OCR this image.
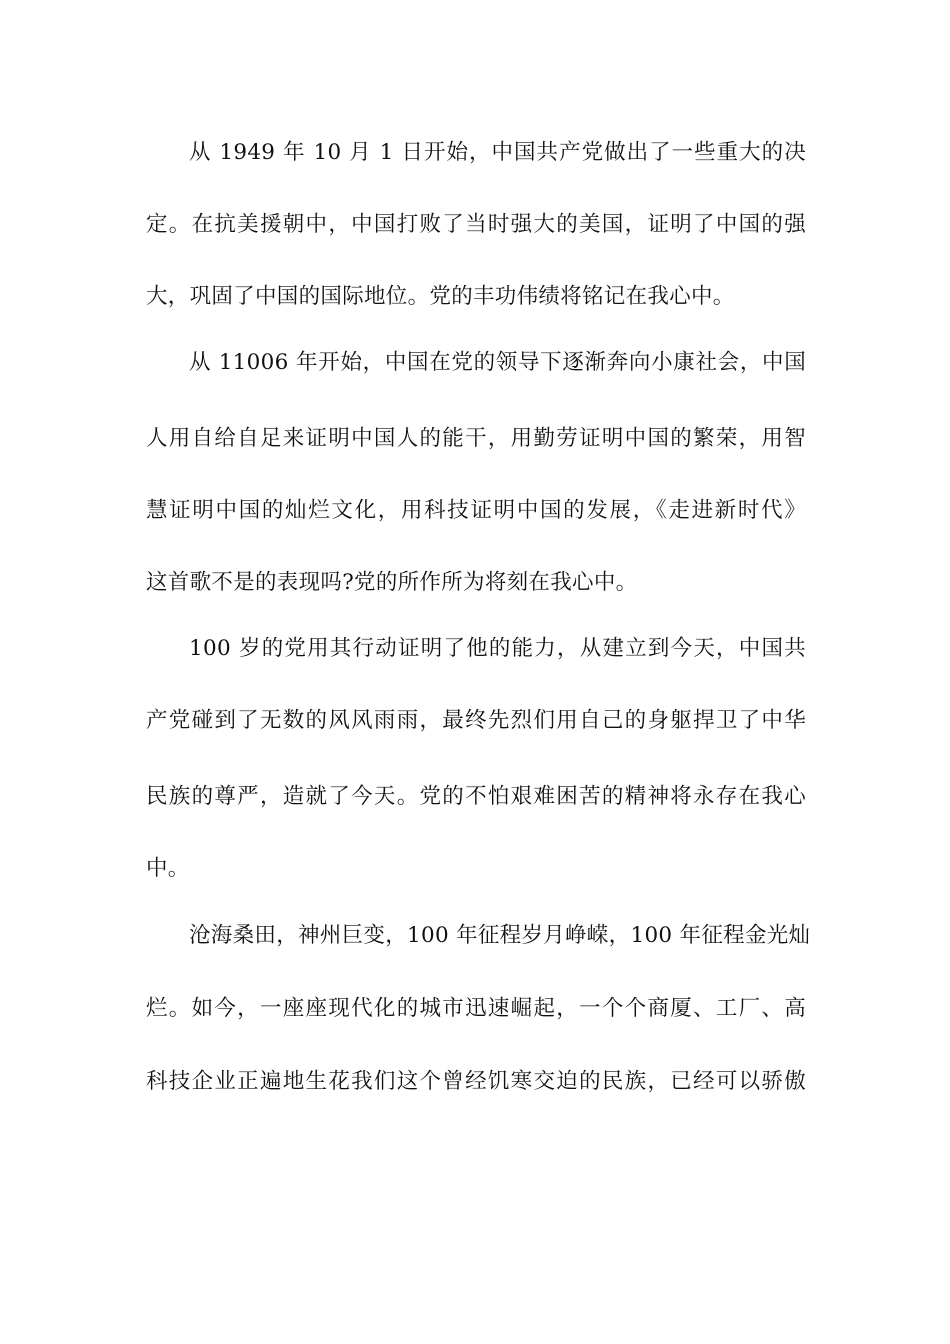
从 1949 年 10 月 1 日开始，中国共产党做出了一些重大的决
定。在抗美援朝中，中国打败了当时强大的美国，证明了中国的强
大，巩固了中国的国际地位。党的丰功伟绩将铭记在我心中。
从 11006 年开始，中国在党的领导下逐渐奔向小康社会，中国
人用自给自足来证明中国人的能干，用勤劳证明中国的繁荣，用智
慧证明中国的灿烂文化，用科技证明中国的发展，《走进新时代》
这首歌不是的表现吗?党的所作所为将刻在我心中。
100 岁的党用其行动证明了他的能力，从建立到今天，中国共
产党碰到了无数的风风雨雨，最终先烈们用自己的身躯捍卫了中华
民族的尊严，造就了今天。党的不怕艰难困苦的精神将永存在我心
中。
沧海桑田，神州巨变，100 年征程岁月峥嵘，100 年征程金光灿
烂。如今，一座座现代化的城市迅速崛起，一个个商厦、工厂、高
科技企业正遍地生花我们这个曾经饥寒交迫的民族，已经可以骄傲
